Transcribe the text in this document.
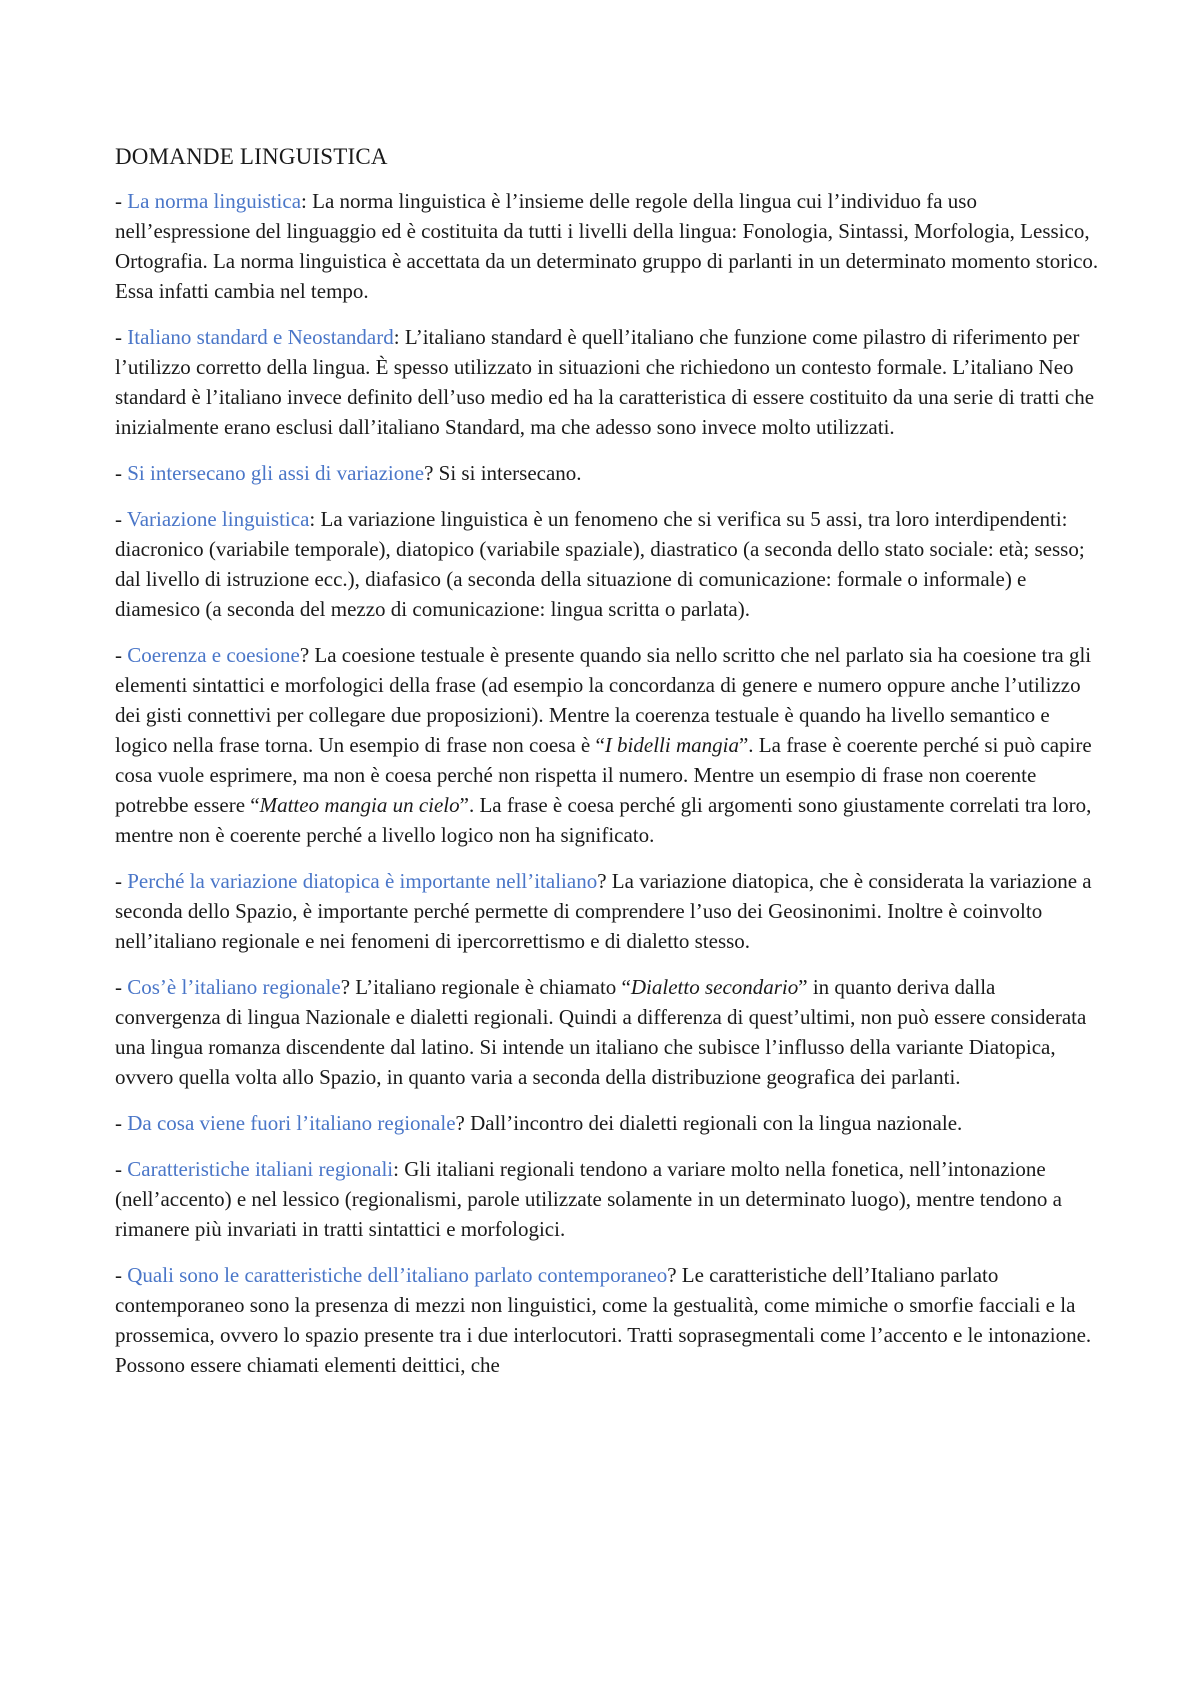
DOMANDE LINGUISTICA

- La norma linguistica: La norma linguistica è l’insieme delle regole della lingua cui l’individuo fa uso nell’espressione del linguaggio ed è costituita da tutti i livelli della lingua: Fonologia, Sintassi, Morfologia, Lessico, Ortografia. La norma linguistica è accettata da un determinato gruppo di parlanti in un determinato momento storico. Essa infatti cambia nel tempo.

- Italiano standard e Neostandard: L’italiano standard è quell’italiano che funzione come pilastro di riferimento per l’utilizzo corretto della lingua. È spesso utilizzato in situazioni che richiedono un contesto formale. L’italiano Neo standard è l’italiano invece definito dell’uso medio ed ha la caratteristica di essere costituito da una serie di tratti che inizialmente erano esclusi dall’italiano Standard, ma che adesso sono invece molto utilizzati.

- Si intersecano gli assi di variazione? Si si intersecano.

- Variazione linguistica: La variazione linguistica è un fenomeno che si verifica su 5 assi, tra loro interdipendenti: diacronico (variabile temporale), diatopico (variabile spaziale), diastratico (a seconda dello stato sociale: età; sesso; dal livello di istruzione ecc.), diafasico (a seconda della situazione di comunicazione: formale o informale) e diamesico (a seconda del mezzo di comunicazione: lingua scritta o parlata).

- Coerenza e coesione? La coesione testuale è presente quando sia nello scritto che nel parlato sia ha coesione tra gli elementi sintattici e morfologici della frase (ad esempio la concordanza di genere e numero oppure anche l’utilizzo dei gisti connettivi per collegare due proposizioni). Mentre la coerenza testuale è quando ha livello semantico e logico nella frase torna. Un esempio di frase non coesa è “I bidelli mangia”. La frase è coerente perché si può capire cosa vuole esprimere, ma non è coesa perché non rispetta il numero. Mentre un esempio di frase non coerente potrebbe essere “Matteo mangia un cielo”. La frase è coesa perché gli argomenti sono giustamente correlati tra loro, mentre non è coerente perché a livello logico non ha significato.

- Perché la variazione diatopica è importante nell’italiano? La variazione diatopica, che è considerata la variazione a seconda dello Spazio, è importante perché permette di comprendere l’uso dei Geosinonimi. Inoltre è coinvolto nell’italiano regionale e nei fenomeni di ipercorrettismo e di dialetto stesso.

- Cos’è l’italiano regionale? L’italiano regionale è chiamato “Dialetto secondario” in quanto deriva dalla convergenza di lingua Nazionale e dialetti regionali. Quindi a differenza di quest’ultimi, non può essere considerata una lingua romanza discendente dal latino. Si intende un italiano che subisce l’influsso della variante Diatopica, ovvero quella volta allo Spazio, in quanto varia a seconda della distribuzione geografica dei parlanti.

- Da cosa viene fuori l’italiano regionale? Dall’incontro dei dialetti regionali con la lingua nazionale.

- Caratteristiche italiani regionali: Gli italiani regionali tendono a variare molto nella fonetica, nell’intonazione (nell’accento) e nel lessico (regionalismi, parole utilizzate solamente in un determinato luogo), mentre tendono a rimanere più invariati in tratti sintattici e morfologici.

- Quali sono le caratteristiche dell’italiano parlato contemporaneo? Le caratteristiche dell’Italiano parlato contemporaneo sono la presenza di mezzi non linguistici, come la gestualità, come mimiche o smorfie facciali e la prossemica, ovvero lo spazio presente tra i due interlocutori. Tratti soprasegmentali come l’accento e le intonazione. Possono essere chiamati elementi deittici, che
